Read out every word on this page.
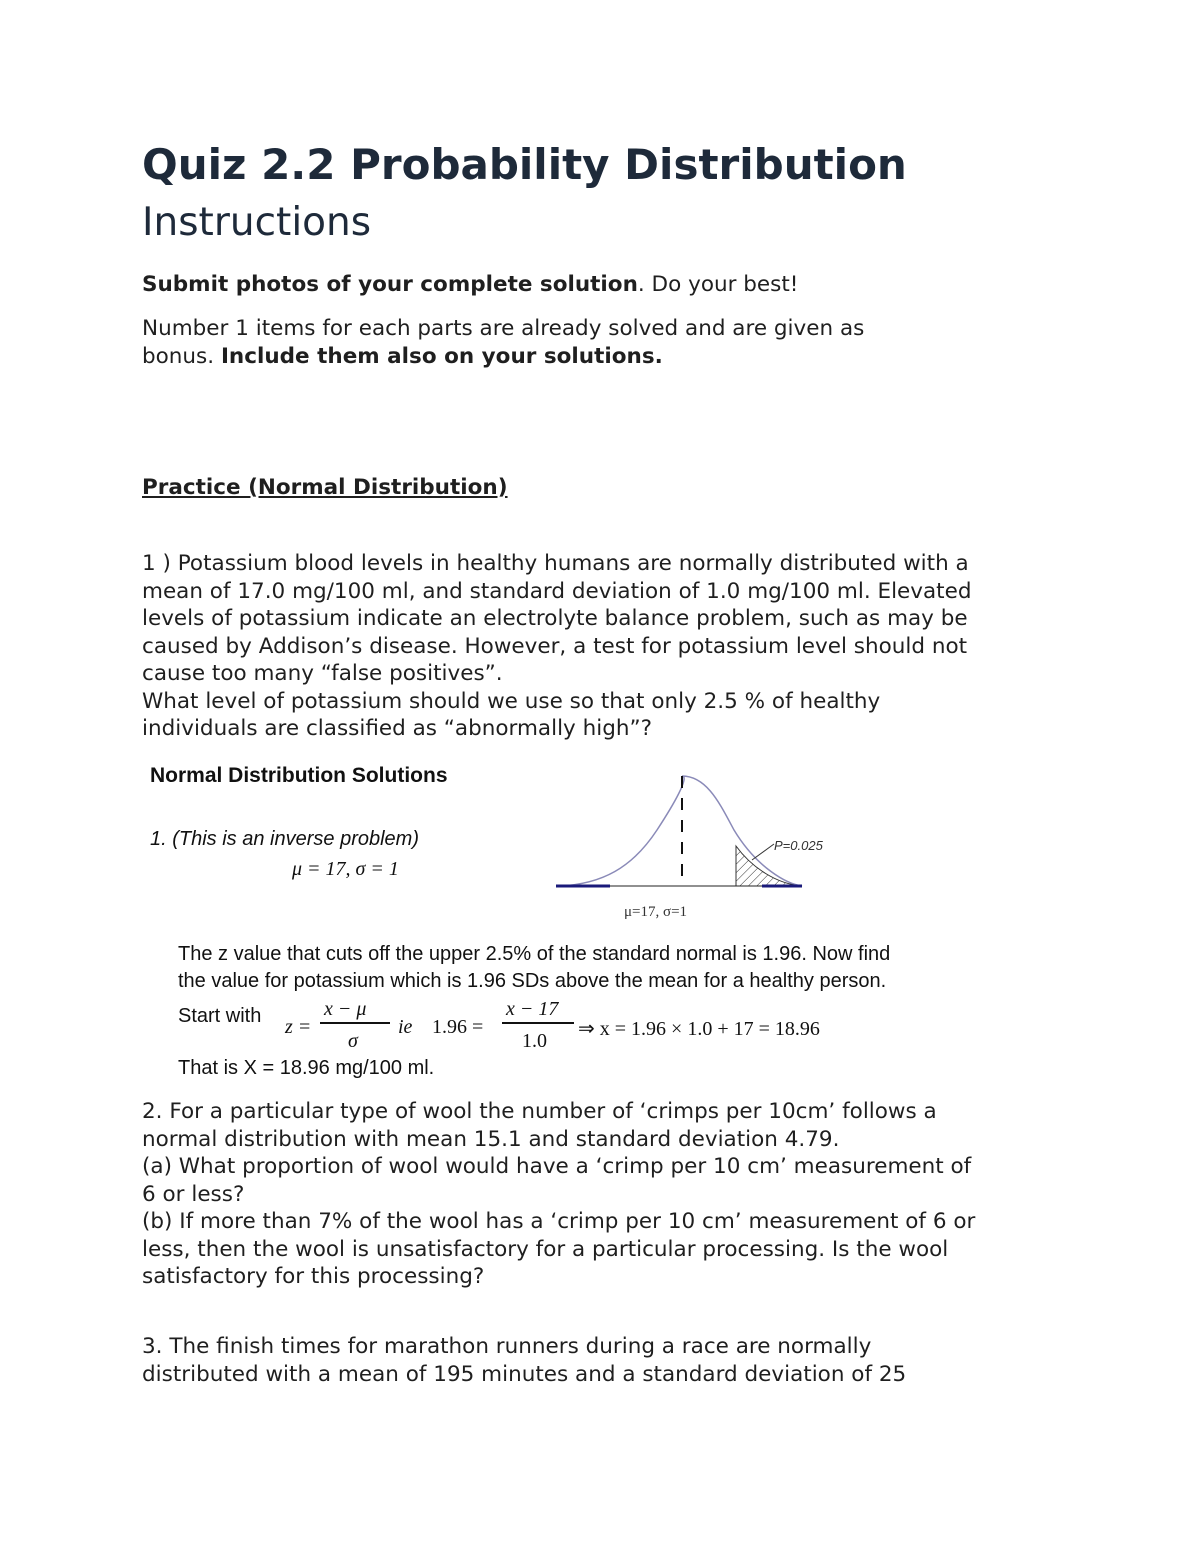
Quiz 2.2 Probability Distribution
Instructions

Submit photos of your complete solution. Do your best!

Number 1 items for each parts are already solved and are given as
bonus. Include them also on your solutions.

Practice (Normal Distribution)

1 ) Potassium blood levels in healthy humans are normally distributed with a
mean of 17.0 mg/100 ml, and standard deviation of 1.0 mg/100 ml. Elevated
levels of potassium indicate an electrolyte balance problem, such as may be
caused by Addison’s disease. However, a test for potassium level should not
cause too many “false positives”.
What level of potassium should we use so that only 2.5 % of healthy
individuals are classified as “abnormally high”?
Normal Distribution Solutions
1. (This is an inverse problem)
μ = 17, σ = 1
P=0.025
μ=17, σ=1
The z value that cuts off the upper 2.5% of the standard normal is 1.96. Now find
the value for potassium which is 1.96 SDs above the mean for a healthy person.
Start with z =
x − μ
σ
ie 1.96 =
x − 17
1.0
⇒ x = 1.96 × 1.0 + 17 = 18.96
That is X = 18.96 mg/100 ml.
2. For a particular type of wool the number of ‘crimps per 10cm’ follows a
normal distribution with mean 15.1 and standard deviation 4.79.
(a) What proportion of wool would have a ‘crimp per 10 cm’ measurement of
6 or less?
(b) If more than 7% of the wool has a ‘crimp per 10 cm’ measurement of 6 or
less, then the wool is unsatisfactory for a particular processing. Is the wool
satisfactory for this processing?
3. The finish times for marathon runners during a race are normally
distributed with a mean of 195 minutes and a standard deviation of 25
